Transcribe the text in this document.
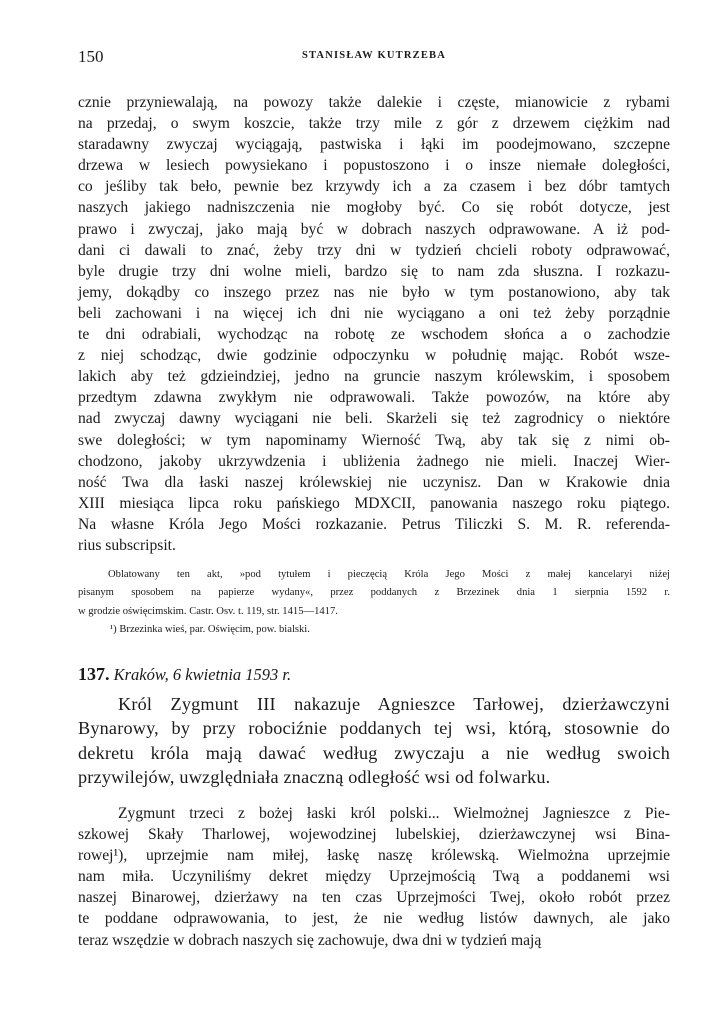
150	STANISŁAW KUTRZEBA
cznie przyniewalają, na powozy także dalekie i częste, mianowicie z rybami
na przedaj, o swym koszcie, także trzy mile z gór z drzewem ciężkim nad
staradawny zwyczaj wyciągają, pastwiska i łąki im poodejmowano, szczepne
drzewa w lesiech powysiekano i popustoszono i o insze niemałe doległości,
co jeśliby tak beło, pewnie bez krzywdy ich a za czasem i bez dóbr tamtych
naszych jakiego nadniszczenia nie mogłoby być. Co się robót dotycze, jest
prawo i zwyczaj, jako mają być w dobrach naszych odprawowane. A iż pod-
dani ci dawali to znać, żeby trzy dni w tydzień chcieli roboty odprawować,
byle drugie trzy dni wolne mieli, bardzo się to nam zda słuszna. I rozkazu-
jemy, dokądby co inszego przez nas nie było w tym postanowiono, aby tak
beli zachowani i na więcej ich dni nie wyciągano a oni też żeby porządnie
te dni odrabiali, wychodząc na robotę ze wschodem słońca a o zachodzie
z niej schodząc, dwie godzinie odpoczynku w południę mając. Robót wsze-
lakich aby też gdzieindziej, jedno na gruncie naszym królewskim, i sposobem
przedtym zdawna zwykłym nie odprawowali. Także powozów, na które aby
nad zwyczaj dawny wyciągani nie beli. Skarżeli się też zagrodnicy o niektóre
swe doległości; w tym napominamy Wierność Twą, aby tak się z nimi ob-
chodzono, jakoby ukrzywdzenia i ubliżenia żadnego nie mieli. Inaczej Wier-
ność Twa dla łaski naszej królewskiej nie uczynisz. Dan w Krakowie dnia
XIII miesiąca lipca roku pańskiego MDXCII, panowania naszego roku piątego.
Na własne Króla Jego Mości rozkazanie. Petrus Tiliczki S. M. R. referenda-
rius subscripsit.
Oblatowany ten akt, »pod tytułem i pieczęcią Króla Jego Mości z małej kancelaryi niżej
pisanym sposobem na papierze wydany«, przez poddanych z Brzezinek dnia 1 sierpnia 1592 r.
w grodzie oświęcimskim. Castr. Osv. t. 119, str. 1415—1417.
¹) Brzezinka wieś, par. Oświęcim, pow. bialski.
137. Kraków, 6 kwietnia 1593 r.
Król Zygmunt III nakazuje Agnieszce Tarłowej, dzierżawczyni
Bynarowy, by przy robociźnie poddanych tej wsi, którą, stosownie do
dekretu króla mają dawać według zwyczaju a nie według swoich
przywilejów, uwzględniała znaczną odległość wsi od folwarku.
Zygmunt trzeci z bożej łaski król polski... Wielmożnej Jagnieszce z Pie-
szkowej Skały Tharlowej, wojewodzinej lubelskiej, dzierżawczynej wsi Bina-
rowej¹), uprzejmie nam miłej, łaskę naszę królewską. Wielmożna uprzejmie
nam miła. Uczyniliśmy dekret między Uprzejmością Twą a poddanemi wsi
naszej Binarowej, dzierżawy na ten czas Uprzejmości Twej, około robót przez
te poddane odprawowania, to jest, że nie według listów dawnych, ale jako
teraz wszędzie w dobrach naszych się zachowuje, dwa dni w tydzień mają
